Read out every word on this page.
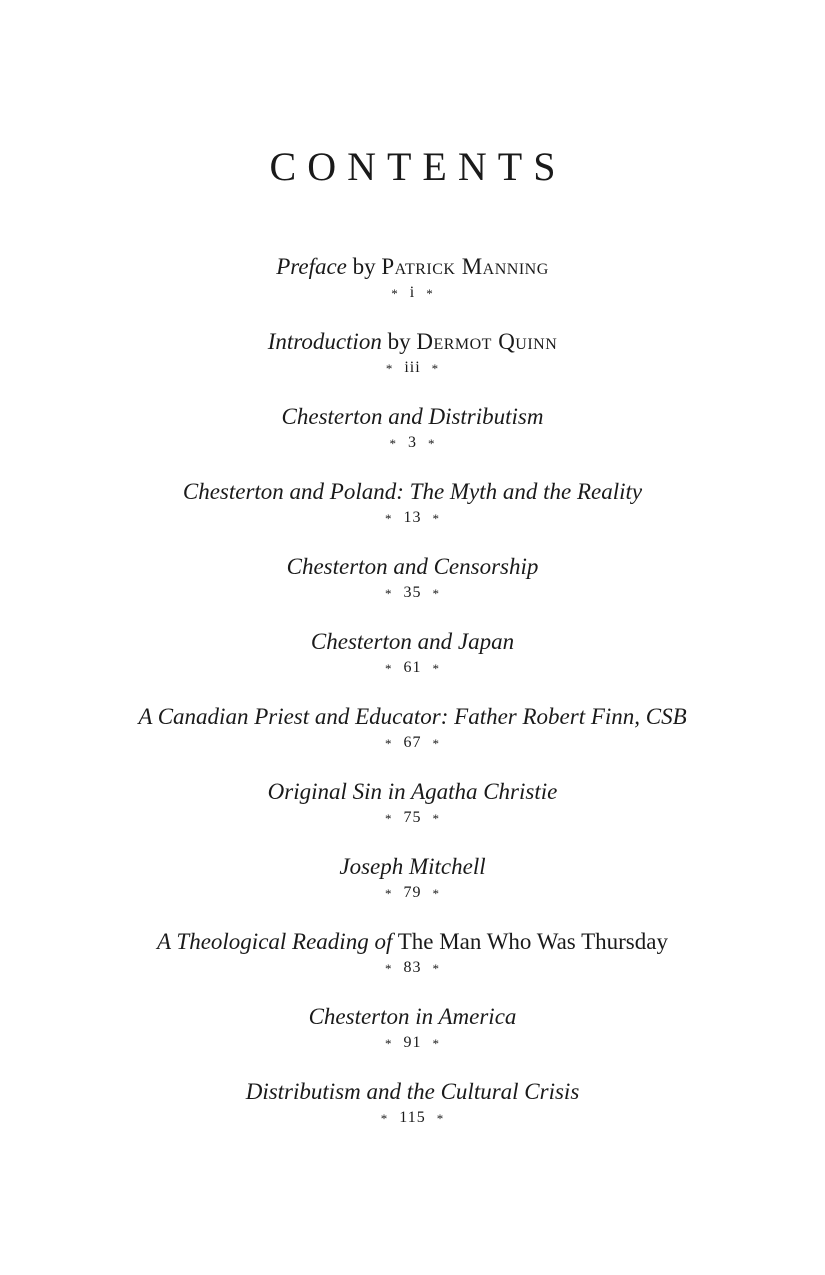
CONTENTS
Preface by Patrick Manning
* i *
Introduction by Dermot Quinn
* iii *
Chesterton and Distributism
* 3 *
Chesterton and Poland: The Myth and the Reality
* 13 *
Chesterton and Censorship
* 35 *
Chesterton and Japan
* 61 *
A Canadian Priest and Educator: Father Robert Finn, CSB
* 67 *
Original Sin in Agatha Christie
* 75 *
Joseph Mitchell
* 79 *
A Theological Reading of The Man Who Was Thursday
* 83 *
Chesterton in America
* 91 *
Distributism and the Cultural Crisis
* 115 *
